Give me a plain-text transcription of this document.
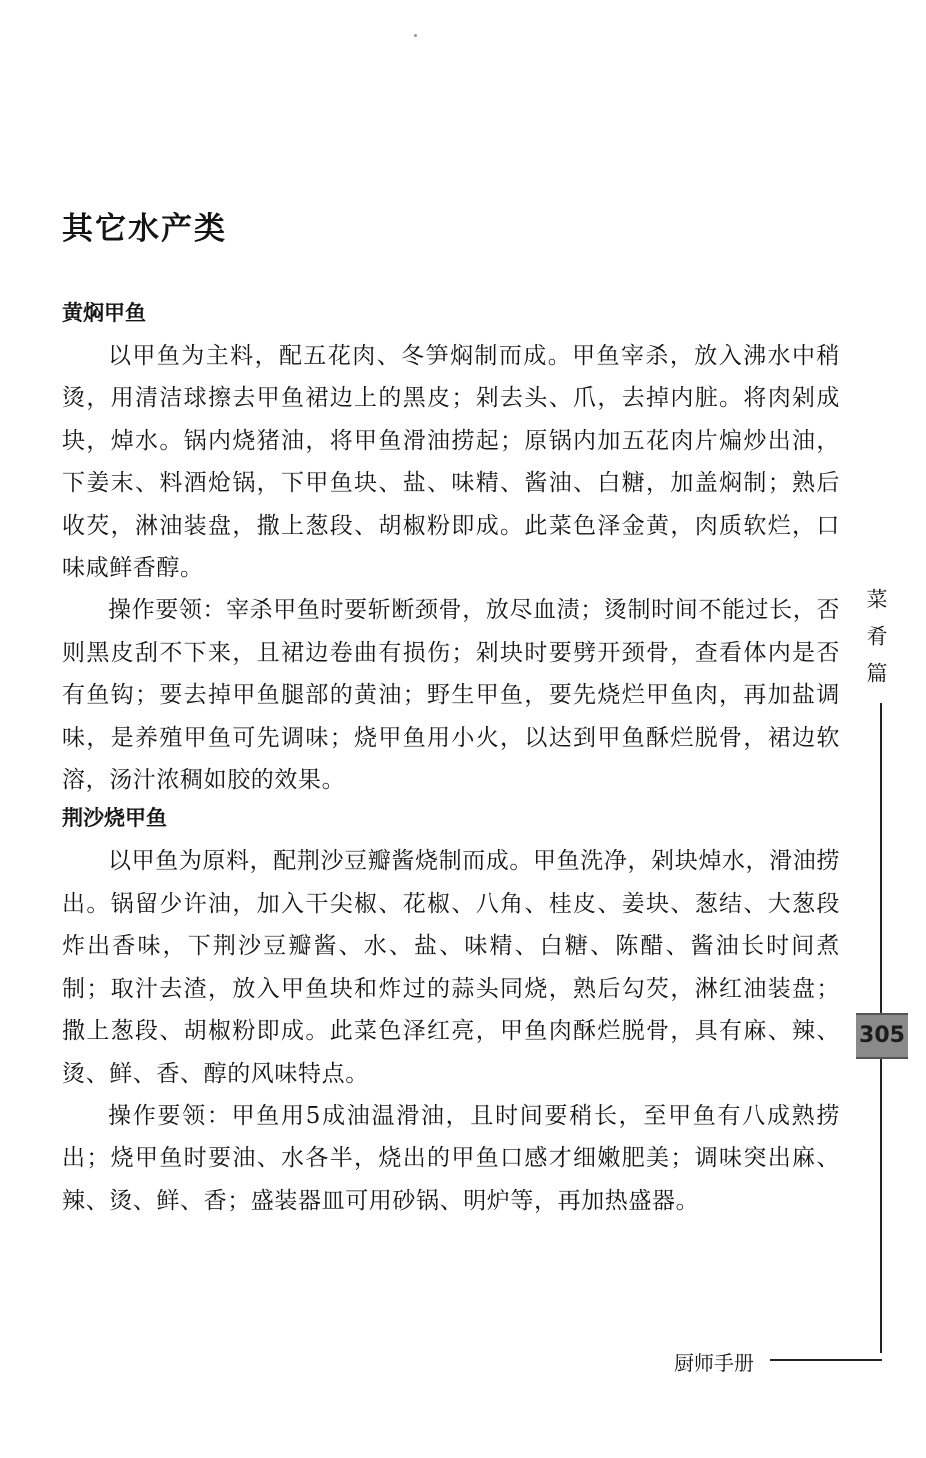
其它水产类
黄焖甲鱼

以甲鱼为主料，配五花肉、冬笋焖制而成。甲鱼宰杀，放入沸水中稍烫，用清洁球擦去甲鱼裙边上的黑皮；剁去头、爪，去掉内脏。将肉剁成块，焯水。锅内烧猪油，将甲鱼滑油捞起；原锅内加五花肉片煸炒出油，下姜末、料酒炝锅，下甲鱼块、盐、味精、酱油、白糖，加盖焖制；熟后收芡，淋油装盘，撒上葱段、胡椒粉即成。此菜色泽金黄，肉质软烂，口味咸鲜香醇。

操作要领：宰杀甲鱼时要斩断颈骨，放尽血渍；烫制时间不能过长，否则黑皮刮不下来，且裙边卷曲有损伤；剁块时要劈开颈骨，查看体内是否有鱼钩；要去掉甲鱼腿部的黄油；野生甲鱼，要先烧烂甲鱼肉，再加盐调味，是养殖甲鱼可先调味；烧甲鱼用小火，以达到甲鱼酥烂脱骨，裙边软溶，汤汁浓稠如胶的效果。

荆沙烧甲鱼

以甲鱼为原料，配荆沙豆瓣酱烧制而成。甲鱼洗净，剁块焯水，滑油捞出。锅留少许油，加入干尖椒、花椒、八角、桂皮、姜块、葱结、大葱段炸出香味，下荆沙豆瓣酱、水、盐、味精、白糖、陈醋、酱油长时间煮制；取汁去渣，放入甲鱼块和炸过的蒜头同烧，熟后勾芡，淋红油装盘；撒上葱段、胡椒粉即成。此菜色泽红亮，甲鱼肉酥烂脱骨，具有麻、辣、烫、鲜、香、醇的风味特点。

操作要领：甲鱼用5成油温滑油，且时间要稍长，至甲鱼有八成熟捞出；烧甲鱼时要油、水各半，烧出的甲鱼口感才细嫩肥美；调味突出麻、辣、烫、鲜、香；盛装器皿可用砂锅、明炉等，再加热盛器。

菜肴篇
305
厨师手册
